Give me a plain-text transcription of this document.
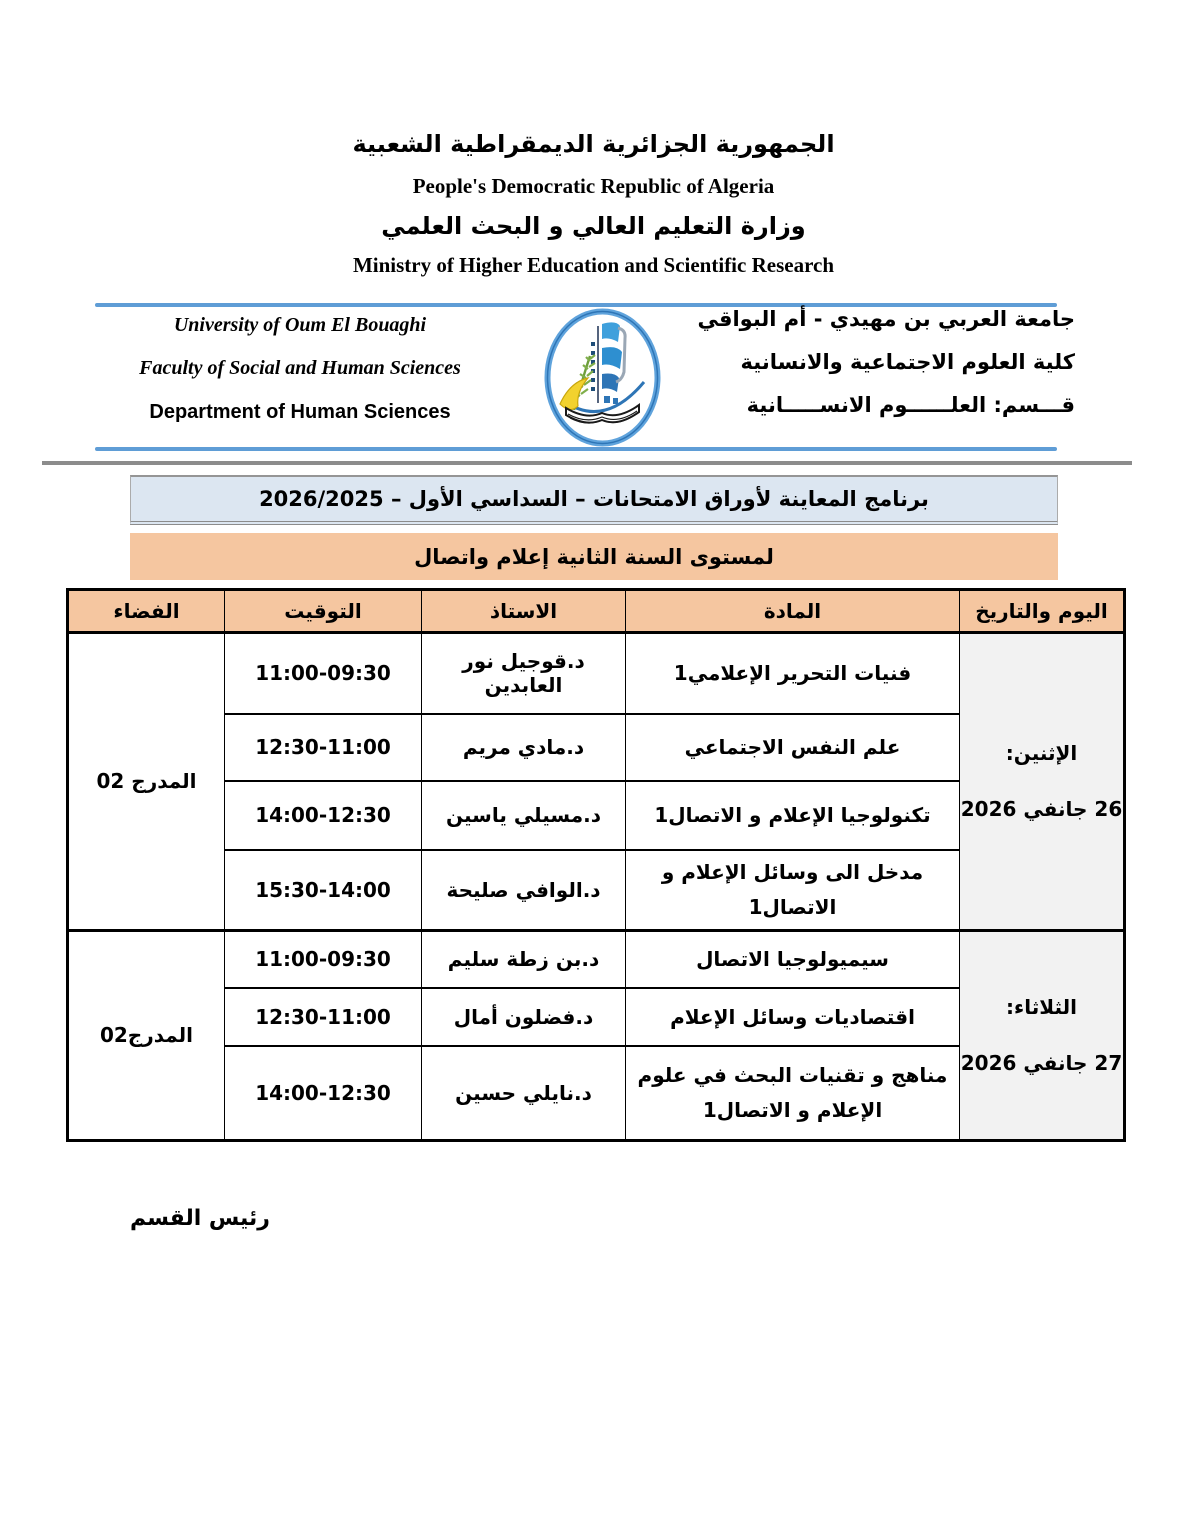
الجمهورية الجزائرية الديمقراطية الشعبية
People's Democratic Republic of Algeria
وزارة التعليم العالي و البحث العلمي
Ministry of Higher Education and Scientific Research
University of Oum El Bouaghi
Faculty of Social and Human Sciences
Department of Human Sciences
جامعة العربي بن مهيدي - أم البواقي
كلية العلوم الاجتماعية والانسانية
قـــسم: العلــــــوم الانســـــانية
برنامج المعاينة لأوراق الامتحانات – السداسي الأول – 2026/2025
لمستوى السنة الثانية إعلام واتصال
اليوم والتاريخ	المادة	الاستاذ	التوقيت	الفضاء

الإثنين:
26 جانفي 2026	فنيات التحرير الإعلامي1	د.قوجيل نور العابدين	11:00-09:30	المدرج 02
	علم النفس الاجتماعي	د.مادي مريم	12:30-11:00	
	تكنولوجيا الإعلام و الاتصال1	د.مسيلي ياسين	14:00-12:30	
	مدخل الى وسائل الإعلام و الاتصال1	د.الوافي صليحة	15:30-14:00	

الثلاثاء:
27 جانفي 2026	سيميولوجيا الاتصال	د.بن زطة سليم	11:00-09:30	المدرج02
	اقتصاديات وسائل الإعلام	د.فضلون أمال	12:30-11:00	
	مناهج و تقنيات البحث في علوم الإعلام و الاتصال1	د.نايلي حسين	14:00-12:30	
رئيس القسم
